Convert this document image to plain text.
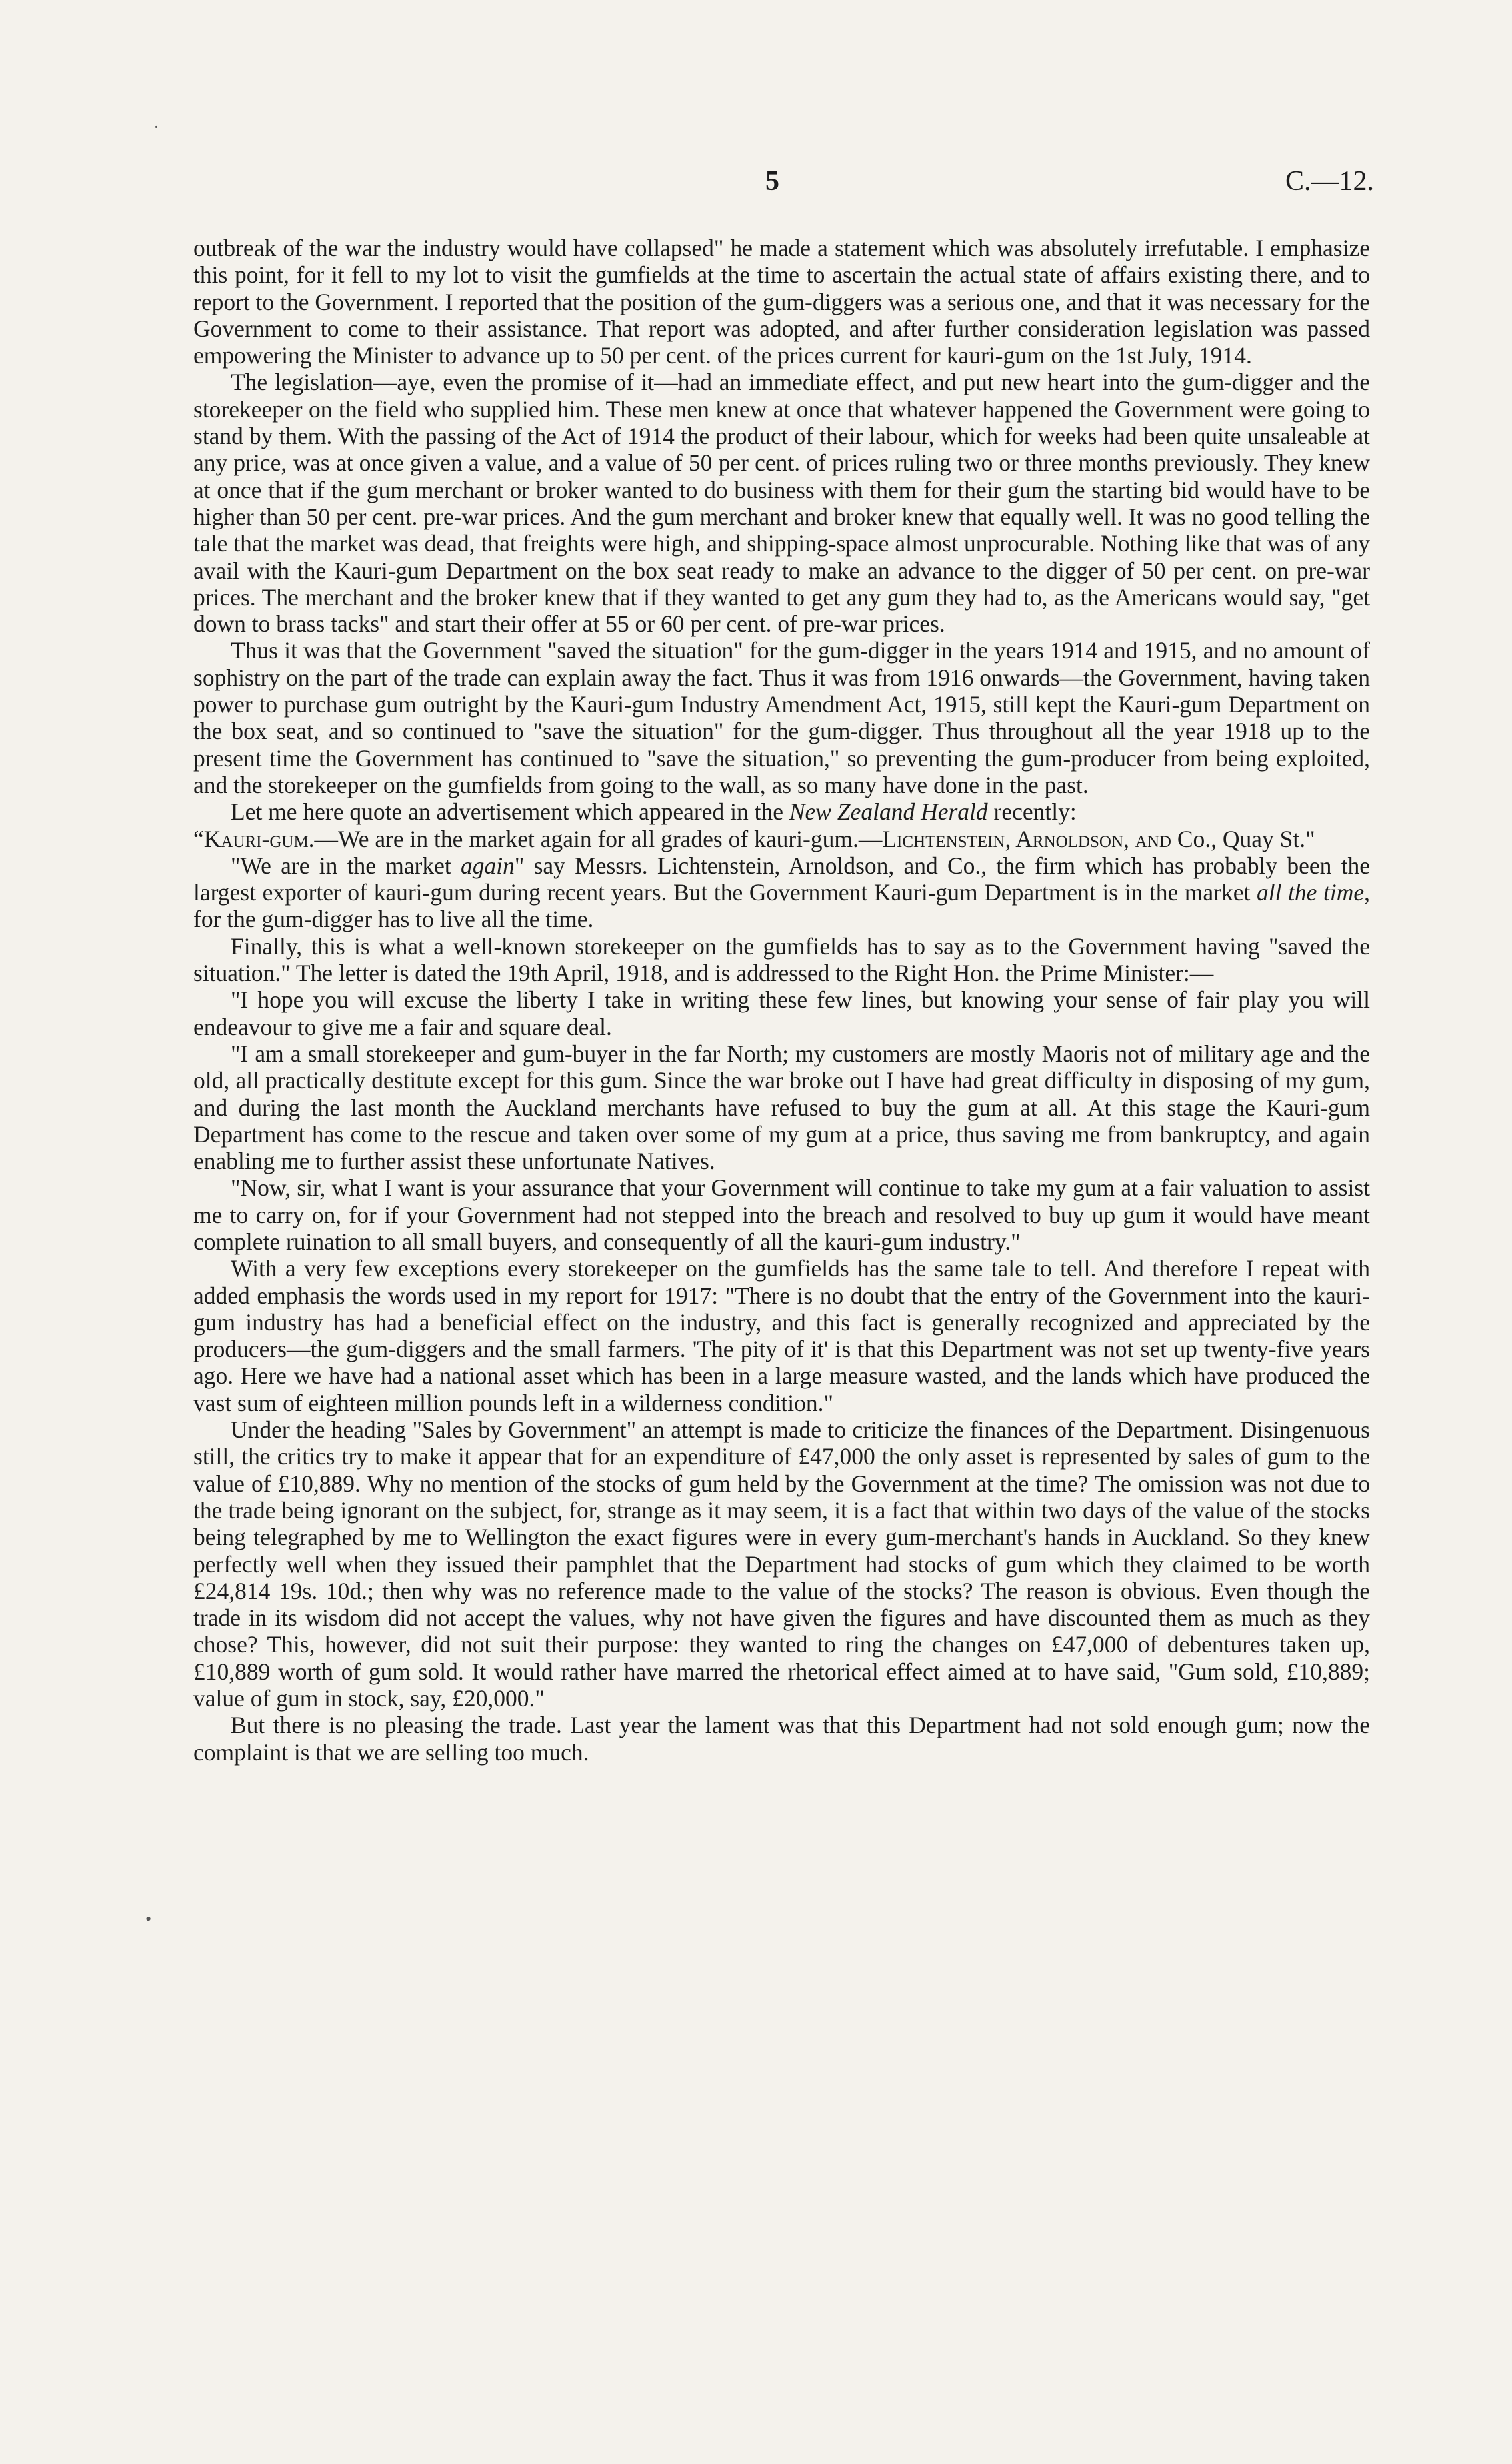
·
5	C.—12.

outbreak of the war the industry would have collapsed" he made a statement which was absolutely irrefutable. I emphasize this point, for it fell to my lot to visit the gumfields at the time to ascertain the actual state of affairs existing there, and to report to the Government. I reported that the position of the gum-diggers was a serious one, and that it was necessary for the Government to come to their assistance. That report was adopted, and after further consideration legislation was passed empowering the Minister to advance up to 50 per cent. of the prices current for kauri-gum on the 1st July, 1914.

The legislation—aye, even the promise of it—had an immediate effect, and put new heart into the gum-digger and the storekeeper on the field who supplied him. These men knew at once that whatever happened the Government were going to stand by them. With the passing of the Act of 1914 the product of their labour, which for weeks had been quite unsaleable at any price, was at once given a value, and a value of 50 per cent. of prices ruling two or three months previously. They knew at once that if the gum merchant or broker wanted to do business with them for their gum the starting bid would have to be higher than 50 per cent. pre-war prices. And the gum merchant and broker knew that equally well. It was no good telling the tale that the market was dead, that freights were high, and shipping-space almost unprocurable. Nothing like that was of any avail with the Kauri-gum Department on the box seat ready to make an advance to the digger of 50 per cent. on pre-war prices. The merchant and the broker knew that if they wanted to get any gum they had to, as the Americans would say, "get down to brass tacks" and start their offer at 55 or 60 per cent. of pre-war prices.

Thus it was that the Government "saved the situation" for the gum-digger in the years 1914 and 1915, and no amount of sophistry on the part of the trade can explain away the fact. Thus it was from 1916 onwards—the Government, having taken power to purchase gum outright by the Kauri-gum Industry Amendment Act, 1915, still kept the Kauri-gum Department on the box seat, and so continued to "save the situation" for the gum-digger. Thus throughout all the year 1918 up to the present time the Government has continued to "save the situation," so preventing the gum-producer from being exploited, and the storekeeper on the gumfields from going to the wall, as so many have done in the past.

Let me here quote an advertisement which appeared in the New Zealand Herald recently:

“Kauri-gum.—We are in the market again for all grades of kauri-gum.—Lichtenstein, Arnoldson, and Co., Quay St."

"We are in the market again" say Messrs. Lichtenstein, Arnoldson, and Co., the firm which has probably been the largest exporter of kauri-gum during recent years. But the Government Kauri-gum Department is in the market all the time, for the gum-digger has to live all the time.

Finally, this is what a well-known storekeeper on the gumfields has to say as to the Government having "saved the situation." The letter is dated the 19th April, 1918, and is addressed to the Right Hon. the Prime Minister:—

"I hope you will excuse the liberty I take in writing these few lines, but knowing your sense of fair play you will endeavour to give me a fair and square deal.

"I am a small storekeeper and gum-buyer in the far North; my customers are mostly Maoris not of military age and the old, all practically destitute except for this gum. Since the war broke out I have had great difficulty in disposing of my gum, and during the last month the Auckland merchants have refused to buy the gum at all. At this stage the Kauri-gum Department has come to the rescue and taken over some of my gum at a price, thus saving me from bankruptcy, and again enabling me to further assist these unfortunate Natives.

"Now, sir, what I want is your assurance that your Government will continue to take my gum at a fair valuation to assist me to carry on, for if your Government had not stepped into the breach and resolved to buy up gum it would have meant complete ruination to all small buyers, and consequently of all the kauri-gum industry."

With a very few exceptions every storekeeper on the gumfields has the same tale to tell. And therefore I repeat with added emphasis the words used in my report for 1917: "There is no doubt that the entry of the Government into the kauri-gum industry has had a beneficial effect on the industry, and this fact is generally recognized and appreciated by the producers—the gum-diggers and the small farmers. 'The pity of it' is that this Department was not set up twenty-five years ago. Here we have had a national asset which has been in a large measure wasted, and the lands which have produced the vast sum of eighteen million pounds left in a wilderness condition."

Under the heading "Sales by Government" an attempt is made to criticize the finances of the Department. Disingenuous still, the critics try to make it appear that for an expenditure of £47,000 the only asset is represented by sales of gum to the value of £10,889. Why no mention of the stocks of gum held by the Government at the time? The omission was not due to the trade being ignorant on the subject, for, strange as it may seem, it is a fact that within two days of the value of the stocks being telegraphed by me to Wellington the exact figures were in every gum-merchant's hands in Auckland. So they knew perfectly well when they issued their pamphlet that the Department had stocks of gum which they claimed to be worth £24,814 19s. 10d.; then why was no reference made to the value of the stocks? The reason is obvious. Even though the trade in its wisdom did not accept the values, why not have given the figures and have discounted them as much as they chose? This, however, did not suit their purpose: they wanted to ring the changes on £47,000 of debentures taken up, £10,889 worth of gum sold. It would rather have marred the rhetorical effect aimed at to have said, "Gum sold, £10,889; value of gum in stock, say, £20,000."

But there is no pleasing the trade. Last year the lament was that this Department had not sold enough gum; now the complaint is that we are selling too much.

•
